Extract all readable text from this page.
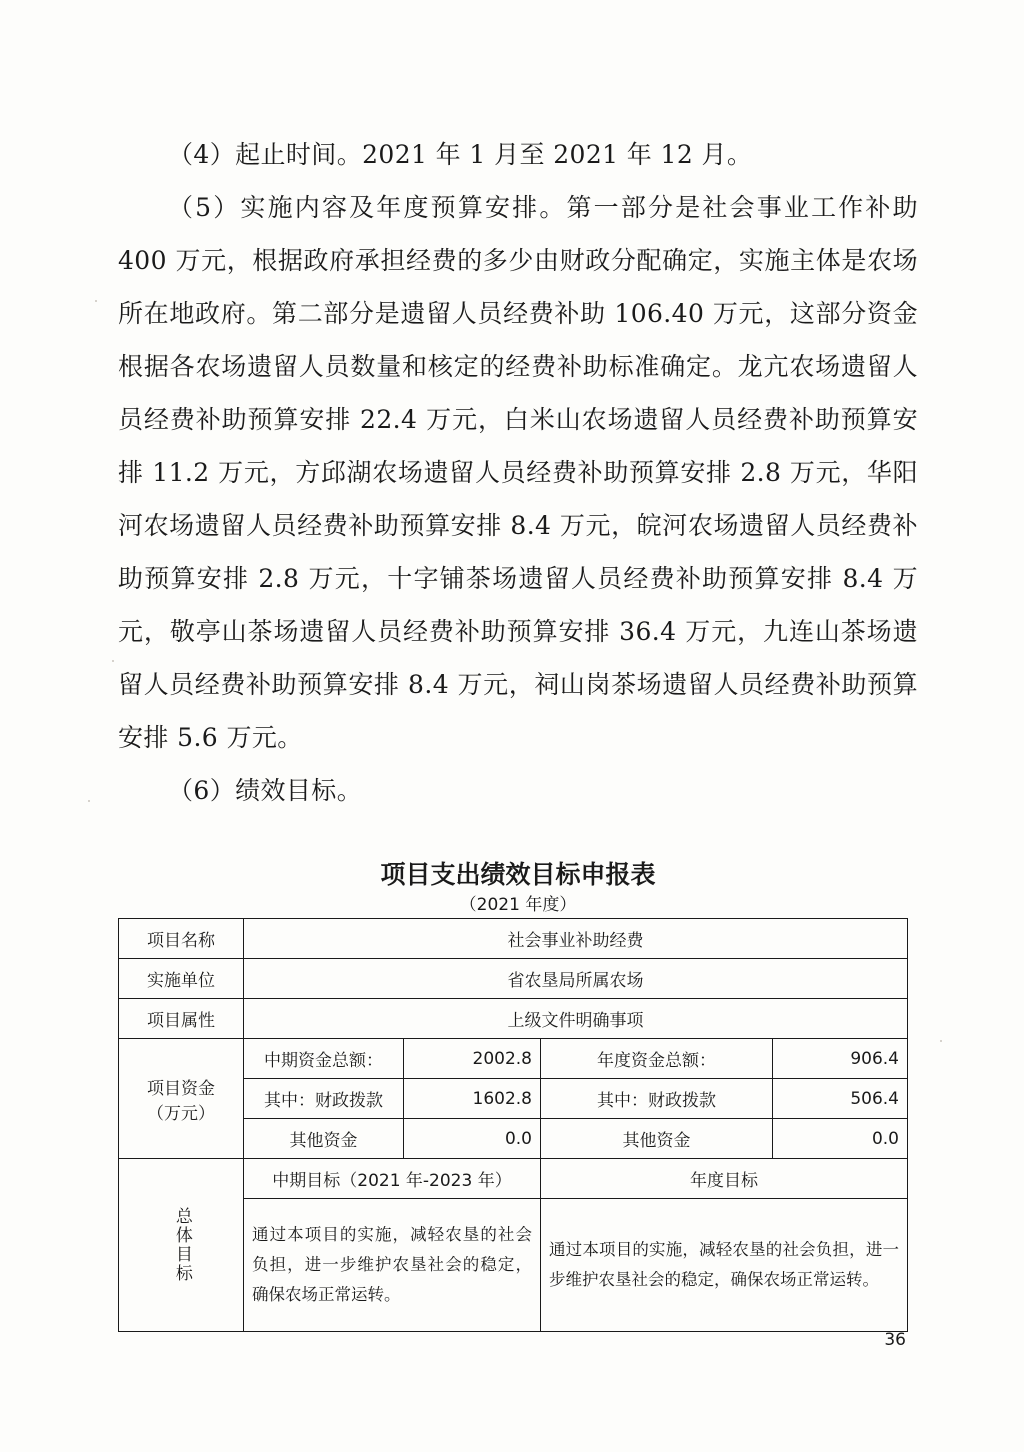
（4）起止时间。2021 年 1 月至 2021 年 12 月。

（5）实施内容及年度预算安排。第一部分是社会事业工作补助 400 万元，根据政府承担经费的多少由财政分配确定，实施主体是农场所在地政府。第二部分是遗留人员经费补助 106.40 万元，这部分资金根据各农场遗留人员数量和核定的经费补助标准确定。龙亢农场遗留人员经费补助预算安排 22.4 万元，白米山农场遗留人员经费补助预算安排 11.2 万元，方邱湖农场遗留人员经费补助预算安排 2.8 万元，华阳河农场遗留人员经费补助预算安排 8.4 万元，皖河农场遗留人员经费补助预算安排 2.8 万元，十字铺茶场遗留人员经费补助预算安排 8.4 万元，敬亭山茶场遗留人员经费补助预算安排 36.4 万元，九连山茶场遗留人员经费补助预算安排 8.4 万元，祠山岗茶场遗留人员经费补助预算安排 5.6 万元。

（6）绩效目标。

项目支出绩效目标申报表
（2021 年度）
项目名称	社会事业补助经费			
实施单位	省农垦局所属农场			
项目属性	上级文件明确事项			

项目资金
（万元）	中期资金总额：	2002.8	年度资金总额：	906.4
	其中：财政拨款	1602.8	其中：财政拨款	506.4
	其他资金	0.0	其他资金	0.0

总体目标	中期目标（2021 年-2023 年）		年度目标	

	通过本项目的实施，减轻农垦的社会负担，进一步维护农垦社会的稳定，确保农场正常运转。		通过本项目的实施，减轻农垦的社会负担，进一步维护农垦社会的稳定，确保农场正常运转。	
36
